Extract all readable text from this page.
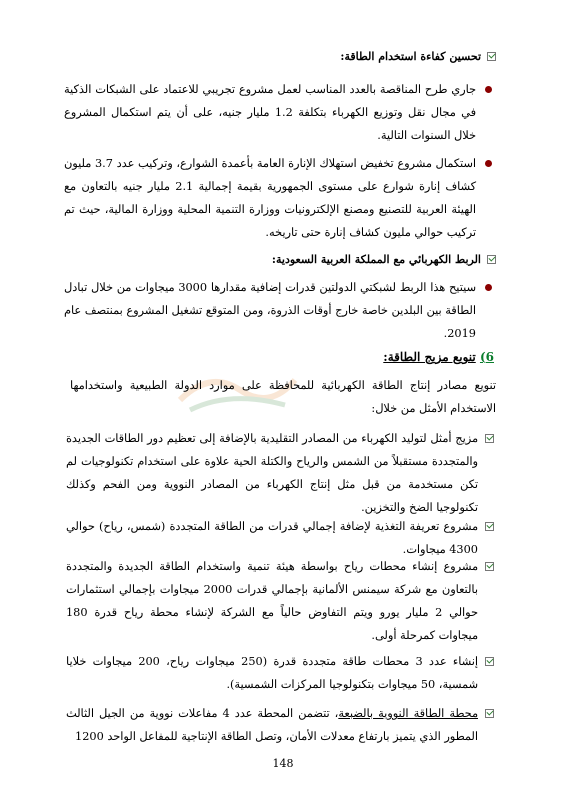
تحسين كفاءة استخدام الطاقة:
جاري طرح المناقصة بالعدد المناسب لعمل مشروع تجريبي للاعتماد على الشبكات الذكية في مجال نقل وتوزيع الكهرباء بتكلفة 1.2 مليار جنيه، على أن يتم استكمال المشروع خلال السنوات التالية.
استكمال مشروع تخفيض استهلاك الإنارة العامة بأعمدة الشوارع، وتركيب عدد 3.7 مليون كشاف إنارة شوارع على مستوى الجمهورية بقيمة إجمالية 2.1 مليار جنيه بالتعاون مع الهيئة العربية للتصنيع ومصنع الإلكترونيات ووزارة التنمية المحلية ووزارة المالية، حيث تم تركيب حوالي مليون كشاف إنارة حتى تاريخه.
الربط الكهربائي مع المملكة العربية السعودية:
سيتيح هذا الربط لشبكتي الدولتين قدرات إضافية مقدارها 3000 ميجاوات من خلال تبادل الطاقة بين البلدين خاصة خارج أوقات الذروة، ومن المتوقع تشغيل المشروع بمنتصف عام 2019.
6) تنويع مزيج الطاقة:
تنويع مصادر إنتاج الطاقة الكهربائية للمحافظة على موارد الدولة الطبيعية واستخدامها الاستخدام الأمثل من خلال:
مزيج أمثل لتوليد الكهرباء من المصادر التقليدية بالإضافة إلى تعظيم دور الطاقات الجديدة والمتجددة مستقبلاً من الشمس والرياح والكتلة الحية علاوة على استخدام تكنولوجيات لم تكن مستخدمة من قبل مثل إنتاج الكهرباء من المصادر النووية ومن الفحم وكذلك تكنولوجيا الضخ والتخزين.
مشروع تعريفة التغذية لإضافة إجمالي قدرات من الطاقة المتجددة (شمس، رياح) حوالي 4300 ميجاوات.
مشروع إنشاء محطات رياح بواسطة هيئة تنمية واستخدام الطاقة الجديدة والمتجددة بالتعاون مع شركة سيمنس الألمانية بإجمالي قدرات 2000 ميجاوات بإجمالي استثمارات حوالي 2 مليار يورو ويتم التفاوض حالياً مع الشركة لإنشاء محطة رياح قدرة 180 ميجاوات كمرحلة أولى.
إنشاء عدد 3 محطات طاقة متجددة قدرة (250 ميجاوات رياح، 200 ميجاوات خلايا شمسية، 50 ميجاوات بتكنولوجيا المركزات الشمسية).
محطة الطاقة النووية بالضبعة، تتضمن المحطة عدد 4 مفاعلات نووية من الجيل الثالث المطور الذي يتميز بارتفاع معدلات الأمان، وتصل الطاقة الإنتاجية للمفاعل الواحد 1200
148
